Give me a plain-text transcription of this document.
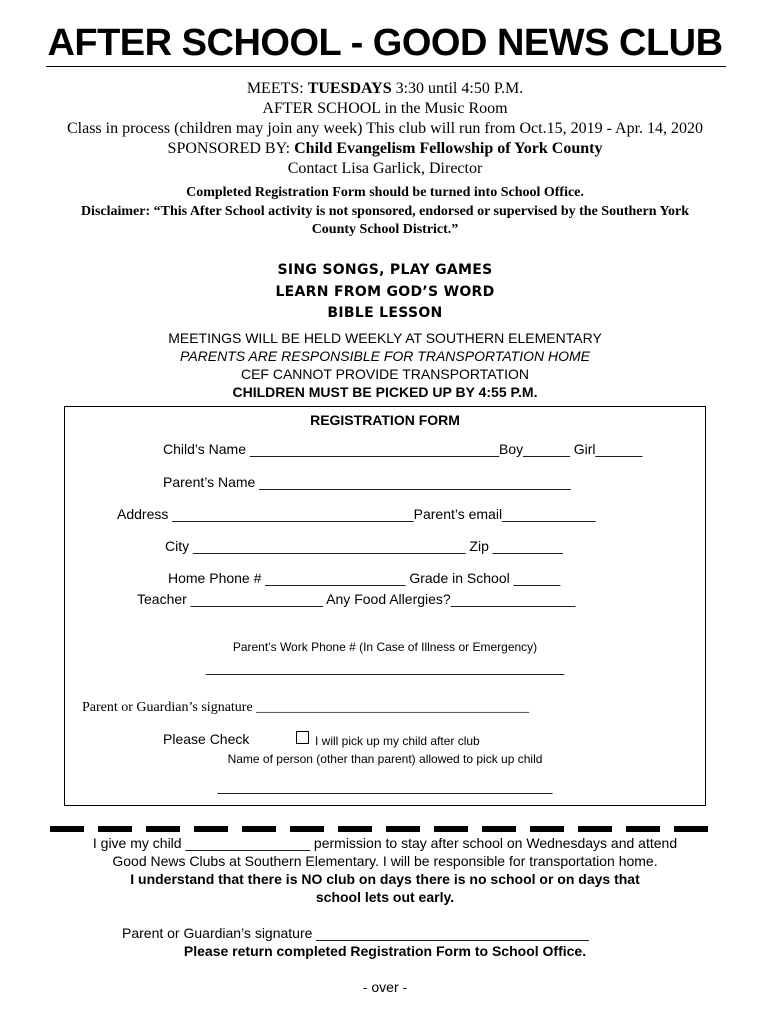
AFTER SCHOOL - GOOD NEWS CLUB
MEETS: TUESDAYS 3:30 until 4:50 P.M.
AFTER SCHOOL in the Music Room
Class in process (children may join any week) This club will run from Oct.15, 2019 - Apr. 14, 2020
SPONSORED BY: Child Evangelism Fellowship of York County
Contact Lisa Garlick, Director
Completed Registration Form should be turned into School Office.
Disclaimer: “This After School activity is not sponsored, endorsed or supervised by the Southern York
County School District.”
SING SONGS, PLAY GAMES
LEARN FROM GOD’S WORD
BIBLE LESSON
MEETINGS WILL BE HELD WEEKLY AT SOUTHERN ELEMENTARY
PARENTS ARE RESPONSIBLE FOR TRANSPORTATION HOME
CEF CANNOT PROVIDE TRANSPORTATION
CHILDREN MUST BE PICKED UP BY 4:55 P.M.
REGISTRATION FORM
Child’s Name ________________________________Boy______ Girl______
Parent’s Name ________________________________________
Address _______________________________Parent’s email____________
City ___________________________________ Zip _________
Home Phone # __________________ Grade in School ______
Teacher _________________ Any Food Allergies?________________
Parent’s Work Phone # (In Case of Illness or Emergency)
______________________________________________
Parent or Guardian’s signature _______________________________________
Please Check	I will pick up my child after club
Name of person (other than parent) allowed to pick up child
___________________________________________
I give my child ________________ permission to stay after school on Wednesdays and attend
Good News Clubs at Southern Elementary. I will be responsible for transportation home.
I understand that there is NO club on days there is no school or on days that
school lets out early.
Parent or Guardian’s signature ___________________________________
Please return completed Registration Form to School Office.
- over -
